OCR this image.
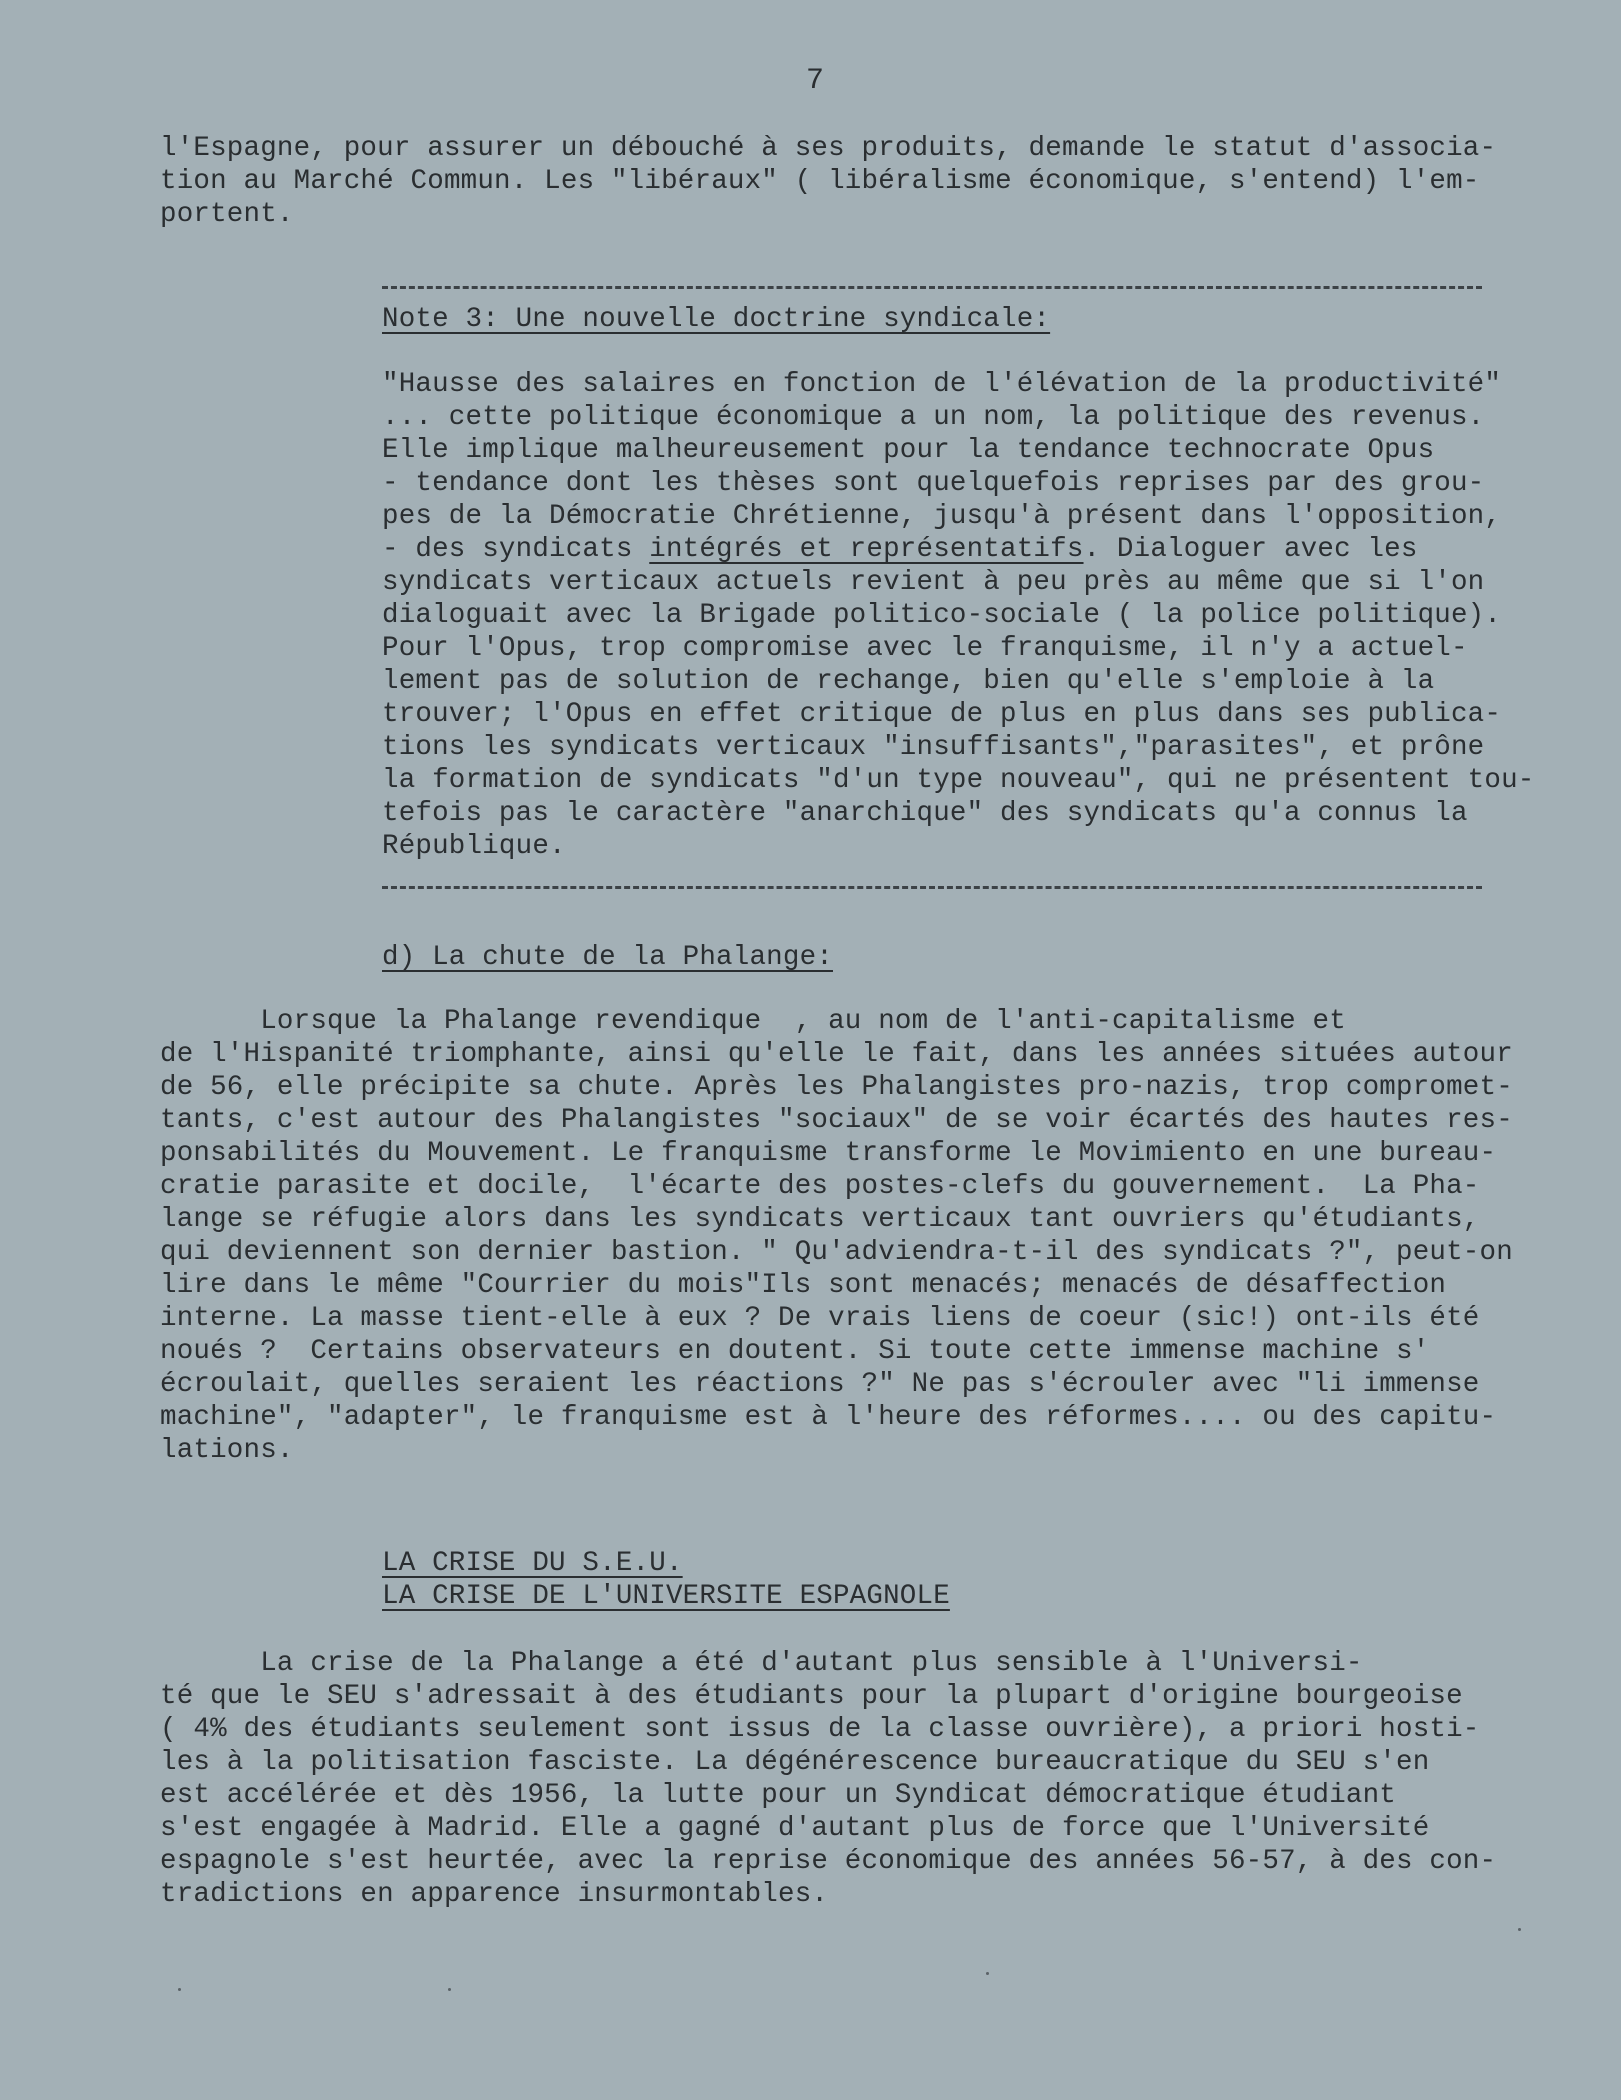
7
l'Espagne, pour assurer un débouché à ses produits, demande le statut d'associa-
tion au Marché Commun. Les "libéraux" ( libéralisme économique, s'entend) l'em-
portent.
Note 3: Une nouvelle doctrine syndicale:
"Hausse des salaires en fonction de l'élévation de la productivité"
... cette politique économique a un nom, la politique des revenus.
Elle implique malheureusement pour la tendance technocrate Opus
- tendance dont les thèses sont quelquefois reprises par des grou-
pes de la Démocratie Chrétienne, jusqu'à présent dans l'opposition,
- des syndicats intégrés et représentatifs. Dialoguer avec les
syndicats verticaux actuels revient à peu près au même que si l'on
dialoguait avec la Brigade politico-sociale ( la police politique).
Pour l'Opus, trop compromise avec le franquisme, il n'y a actuel-
lement pas de solution de rechange, bien qu'elle s'emploie à la
trouver; l'Opus en effet critique de plus en plus dans ses publica-
tions les syndicats verticaux "insuffisants","parasites", et prône
la formation de syndicats "d'un type nouveau", qui ne présentent tou-
tefois pas le caractère "anarchique" des syndicats qu'a connus la
République.
d) La chute de la Phalange:
Lorsque la Phalange revendique  , au nom de l'anti-capitalisme et
de l'Hispanité triomphante, ainsi qu'elle le fait, dans les années situées autour
de 56, elle précipite sa chute. Après les Phalangistes pro-nazis, trop compromet-
tants, c'est autour des Phalangistes "sociaux" de se voir écartés des hautes res-
ponsabilités du Mouvement. Le franquisme transforme le Movimiento en une bureau-
cratie parasite et docile,  l'écarte des postes-clefs du gouvernement.  La Pha-
lange se réfugie alors dans les syndicats verticaux tant ouvriers qu'étudiants,
qui deviennent son dernier bastion. " Qu'adviendra-t-il des syndicats ?", peut-on
lire dans le même "Courrier du mois"Ils sont menacés; menacés de désaffection
interne. La masse tient-elle à eux ? De vrais liens de coeur (sic!) ont-ils été
noués ?  Certains observateurs en doutent. Si toute cette immense machine s'
écroulait, quelles seraient les réactions ?" Ne pas s'écrouler avec "li immense
machine", "adapter", le franquisme est à l'heure des réformes.... ou des capitu-
lations.
LA CRISE DU S.E.U.
LA CRISE DE L'UNIVERSITE ESPAGNOLE
La crise de la Phalange a été d'autant plus sensible à l'Universi-
té que le SEU s'adressait à des étudiants pour la plupart d'origine bourgeoise
( 4% des étudiants seulement sont issus de la classe ouvrière), a priori hosti-
les à la politisation fasciste. La dégénérescence bureaucratique du SEU s'en
est accélérée et dès 1956, la lutte pour un Syndicat démocratique étudiant
s'est engagée à Madrid. Elle a gagné d'autant plus de force que l'Université
espagnole s'est heurtée, avec la reprise économique des années 56-57, à des con-
tradictions en apparence insurmontables.
